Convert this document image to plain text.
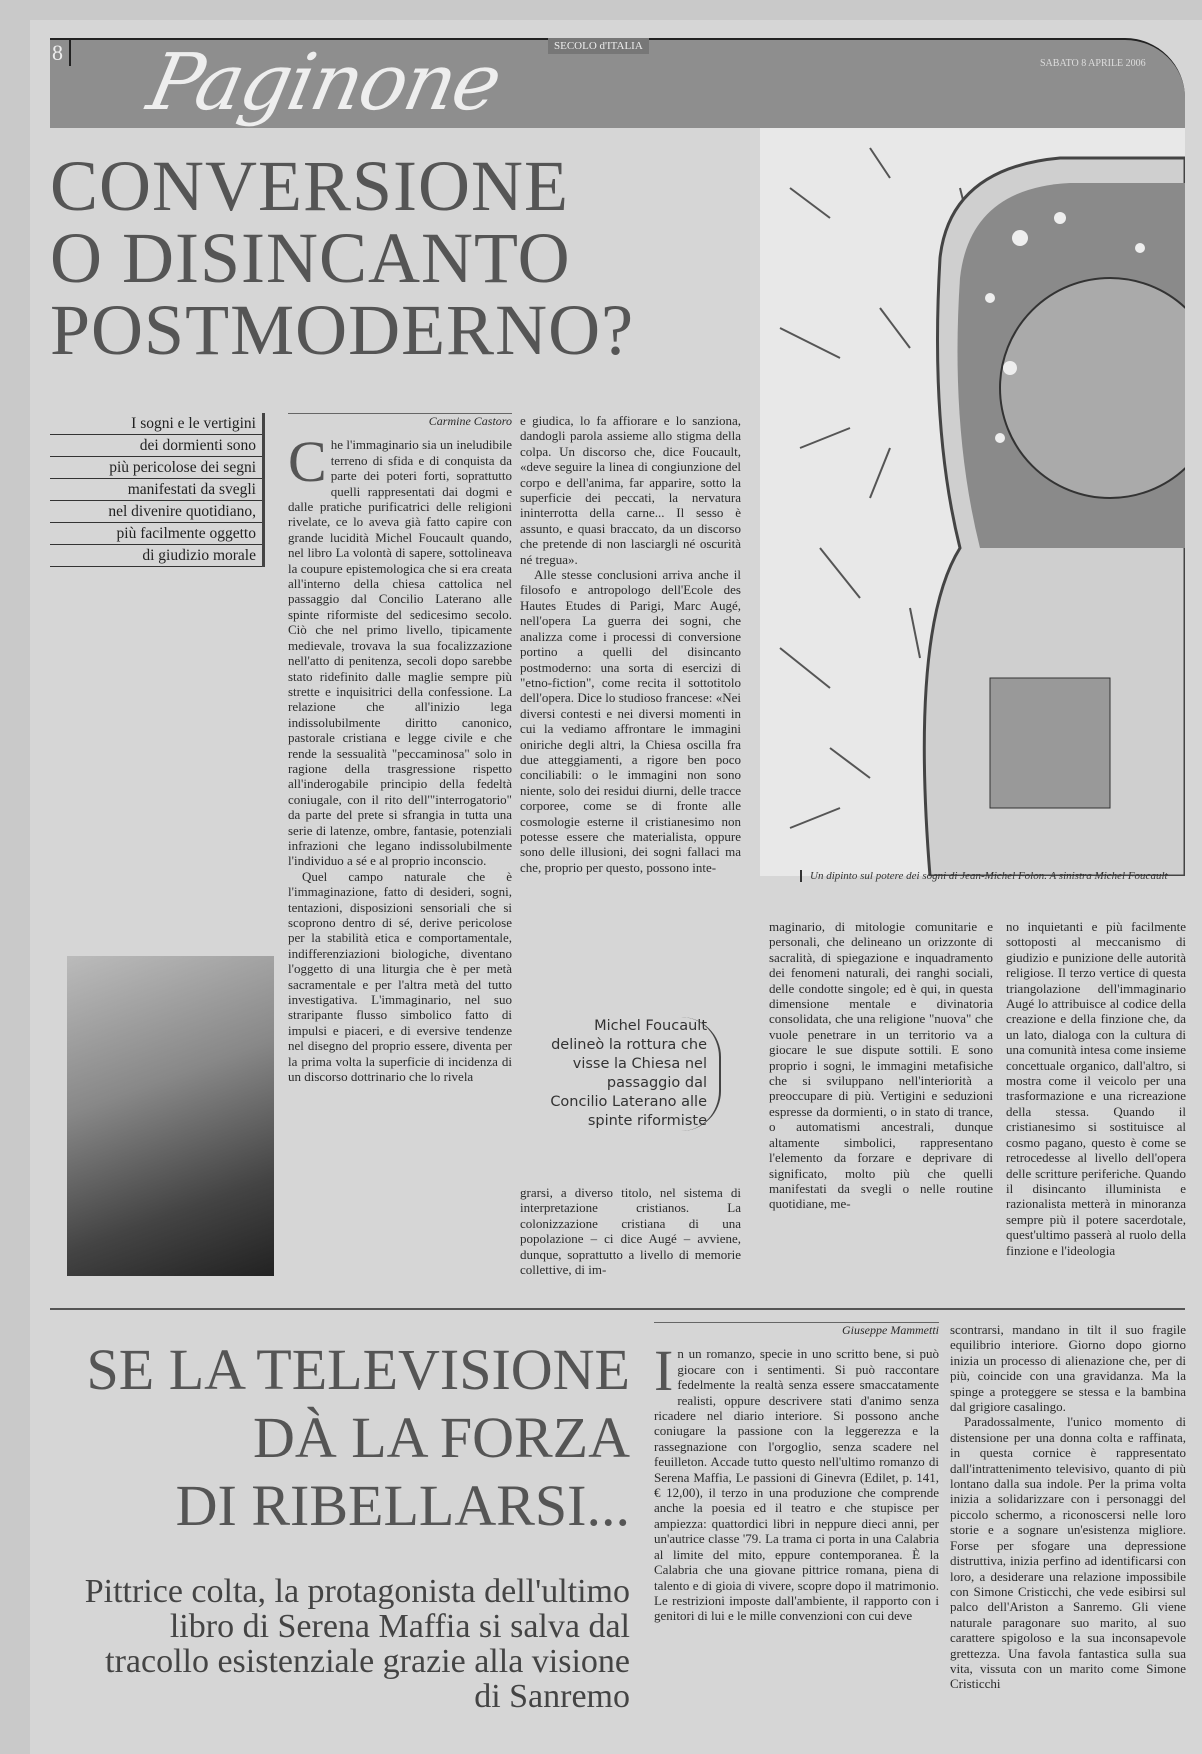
8 Paginone	SECOLO d'ITALIA
SABATO 8 APRILE 2006
CONVERSIONE
O DISINCANTO
POSTMODERNO?
Un dipinto sul potere dei sogni di Jean-Michel Folon. A sinistra Michel Foucault
I sogni e le vertigini
dei dormienti sono
più pericolose dei segni
manifestati da svegli
nel divenire quotidiano,
più facilmente oggetto
di giudizio morale
Carmine Castoro

Che l'immaginario sia un ineludibile terreno di sfida e di conquista da parte dei poteri forti, soprattutto quelli rappresentati dai dogmi e dalle pratiche purificatrici delle religioni rivelate, ce lo aveva già fatto capire con grande lucidità Michel Foucault quando, nel libro La volontà di sapere, sottolineava la coupure epistemologica che si era creata all'interno della chiesa cattolica nel passaggio dal Concilio Laterano alle spinte riformiste del sedicesimo secolo. Ciò che nel primo livello, tipicamente medievale, trovava la sua focalizzazione nell'atto di penitenza, secoli dopo sarebbe stato ridefinito dalle maglie sempre più strette e inquisitrici della confessione. La relazione che all'inizio lega indissolubilmente diritto canonico, pastorale cristiana e legge civile e che rende la sessualità "peccaminosa" solo in ragione della trasgressione rispetto all'inderogabile principio della fedeltà coniugale, con il rito dell'"interrogatorio" da parte del prete si sfrangia in tutta una serie di latenze, ombre, fantasie, potenziali infrazioni che legano indissolubilmente l'individuo a sé e al proprio inconscio.

Quel campo naturale che è l'immaginazione, fatto di desideri, sogni, tentazioni, disposizioni sensoriali che si scoprono dentro di sé, derive pericolose per la stabilità etica e comportamentale, indifferenziazioni biologiche, diventano l'oggetto di una liturgia che è per metà sacramentale e per l'altra metà del tutto investigativa. L'immaginario, nel suo straripante flusso simbolico fatto di impulsi e piaceri, e di eversive tendenze nel disegno del proprio essere, diventa per la prima volta la superficie di incidenza di un discorso dottrinario che lo rivela

e giudica, lo fa affiorare e lo sanziona, dandogli parola assieme allo stigma della colpa. Un discorso che, dice Foucault, «deve seguire la linea di congiunzione del corpo e dell'anima, far apparire, sotto la superficie dei peccati, la nervatura ininterrotta della carne... Il sesso è assunto, e quasi braccato, da un discorso che pretende di non lasciargli né oscurità né tregua».

Alle stesse conclusioni arriva anche il filosofo e antropologo dell'Ecole des Hautes Etudes di Parigi, Marc Augé, nell'opera La guerra dei sogni, che analizza come i processi di conversione portino a quelli del disincanto postmoderno: una sorta di esercizi di "etno-fiction", come recita il sottotitolo dell'opera. Dice lo studioso francese: «Nei diversi contesti e nei diversi momenti in cui la vediamo affrontare le immagini oniriche degli altri, la Chiesa oscilla fra due atteggiamenti, a rigore ben poco conciliabili: o le immagini non sono niente, solo dei residui diurni, delle tracce corporee, come se di fronte alle cosmologie esterne il cristianesimo non potesse essere che materialista, oppure sono delle illusioni, dei sogni fallaci ma che, proprio per questo, possono inte-

Michel Foucault delineò la rottura che visse la Chiesa nel passaggio dal Concilio Laterano alle spinte riformiste

grarsi, a diverso titolo, nel sistema di interpretazione cristianos. La colonizzazione cristiana di una popolazione – ci dice Augé – avviene, dunque, soprattutto a livello di memorie collettive, di im-

maginario, di mitologie comunitarie e personali, che delineano un orizzonte di sacralità, di spiegazione e inquadramento dei fenomeni naturali, dei ranghi sociali, delle condotte singole; ed è qui, in questa dimensione mentale e divinatoria consolidata, che una religione "nuova" che vuole penetrare in un territorio va a giocare le sue dispute sottili. E sono proprio i sogni, le immagini metafisiche che si sviluppano nell'interiorità a preoccupare di più. Vertigini e seduzioni espresse da dormienti, o in stato di trance, o automatismi ancestrali, dunque altamente simbolici, rappresentano l'elemento da forzare e deprivare di significato, molto più che quelli manifestati da svegli o nelle routine quotidiane, me-

no inquietanti e più facilmente sottoposti al meccanismo di giudizio e punizione delle autorità religiose. Il terzo vertice di questa triangolazione dell'immaginario Augé lo attribuisce al codice della creazione e della finzione che, da un lato, dialoga con la cultura di una comunità intesa come insieme concettuale organico, dall'altro, si mostra come il veicolo per una trasformazione e una ricreazione della stessa. Quando il cristianesimo si sostituisce al cosmo pagano, questo è come se retrocedesse al livello dell'opera delle scritture periferiche. Quando il disincanto illuminista e razionalista metterà in minoranza sempre più il potere sacerdotale, quest'ultimo passerà al ruolo della finzione e l'ideologia

SE LA TELEVISIONE
DÀ LA FORZA
DI RIBELLARSI...
Pittrice colta, la protagonista dell'ultimo libro di Serena Maffia si salva dal tracollo esistenziale grazie alla visione di Sanremo
Giuseppe Mammetti

In un romanzo, specie in uno scritto bene, si può giocare con i sentimenti. Si può raccontare fedelmente la realtà senza essere smaccatamente realisti, oppure descrivere stati d'animo senza ricadere nel diario interiore. Si possono anche coniugare la passione con la leggerezza e la rassegnazione con l'orgoglio, senza scadere nel feuilleton. Accade tutto questo nell'ultimo romanzo di Serena Maffia, Le passioni di Ginevra (Edilet, p. 141, € 12,00), il terzo in una produzione che comprende anche la poesia ed il teatro e che stupisce per ampiezza: quattordici libri in neppure dieci anni, per un'autrice classe '79. La trama ci porta in una Calabria al limite del mito, eppure contemporanea. È la Calabria che una giovane pittrice romana, piena di talento e di gioia di vivere, scopre dopo il matrimonio. Le restrizioni imposte dall'ambiente, il rapporto con i genitori di lui e le mille convenzioni con cui deve

scontrarsi, mandano in tilt il suo fragile equilibrio interiore. Giorno dopo giorno inizia un processo di alienazione che, per di più, coincide con una gravidanza. Ma la spinge a proteggere se stessa e la bambina dal grigiore casalingo.

Paradossalmente, l'unico momento di distensione per una donna colta e raffinata, in questa cornice è rappresentato dall'intrattenimento televisivo, quanto di più lontano dalla sua indole. Per la prima volta inizia a solidarizzare con i personaggi del piccolo schermo, a riconoscersi nelle loro storie e a sognare un'esistenza migliore. Forse per sfogare una depressione distruttiva, inizia perfino ad identificarsi con loro, a desiderare una relazione impossibile con Simone Cristicchi, che vede esibirsi sul palco dell'Ariston a Sanremo. Gli viene naturale paragonare suo marito, al suo carattere spigoloso e la sua inconsapevole grettezza. Una favola fantastica sulla sua vita, vissuta con un marito come Simone Cristicchi
